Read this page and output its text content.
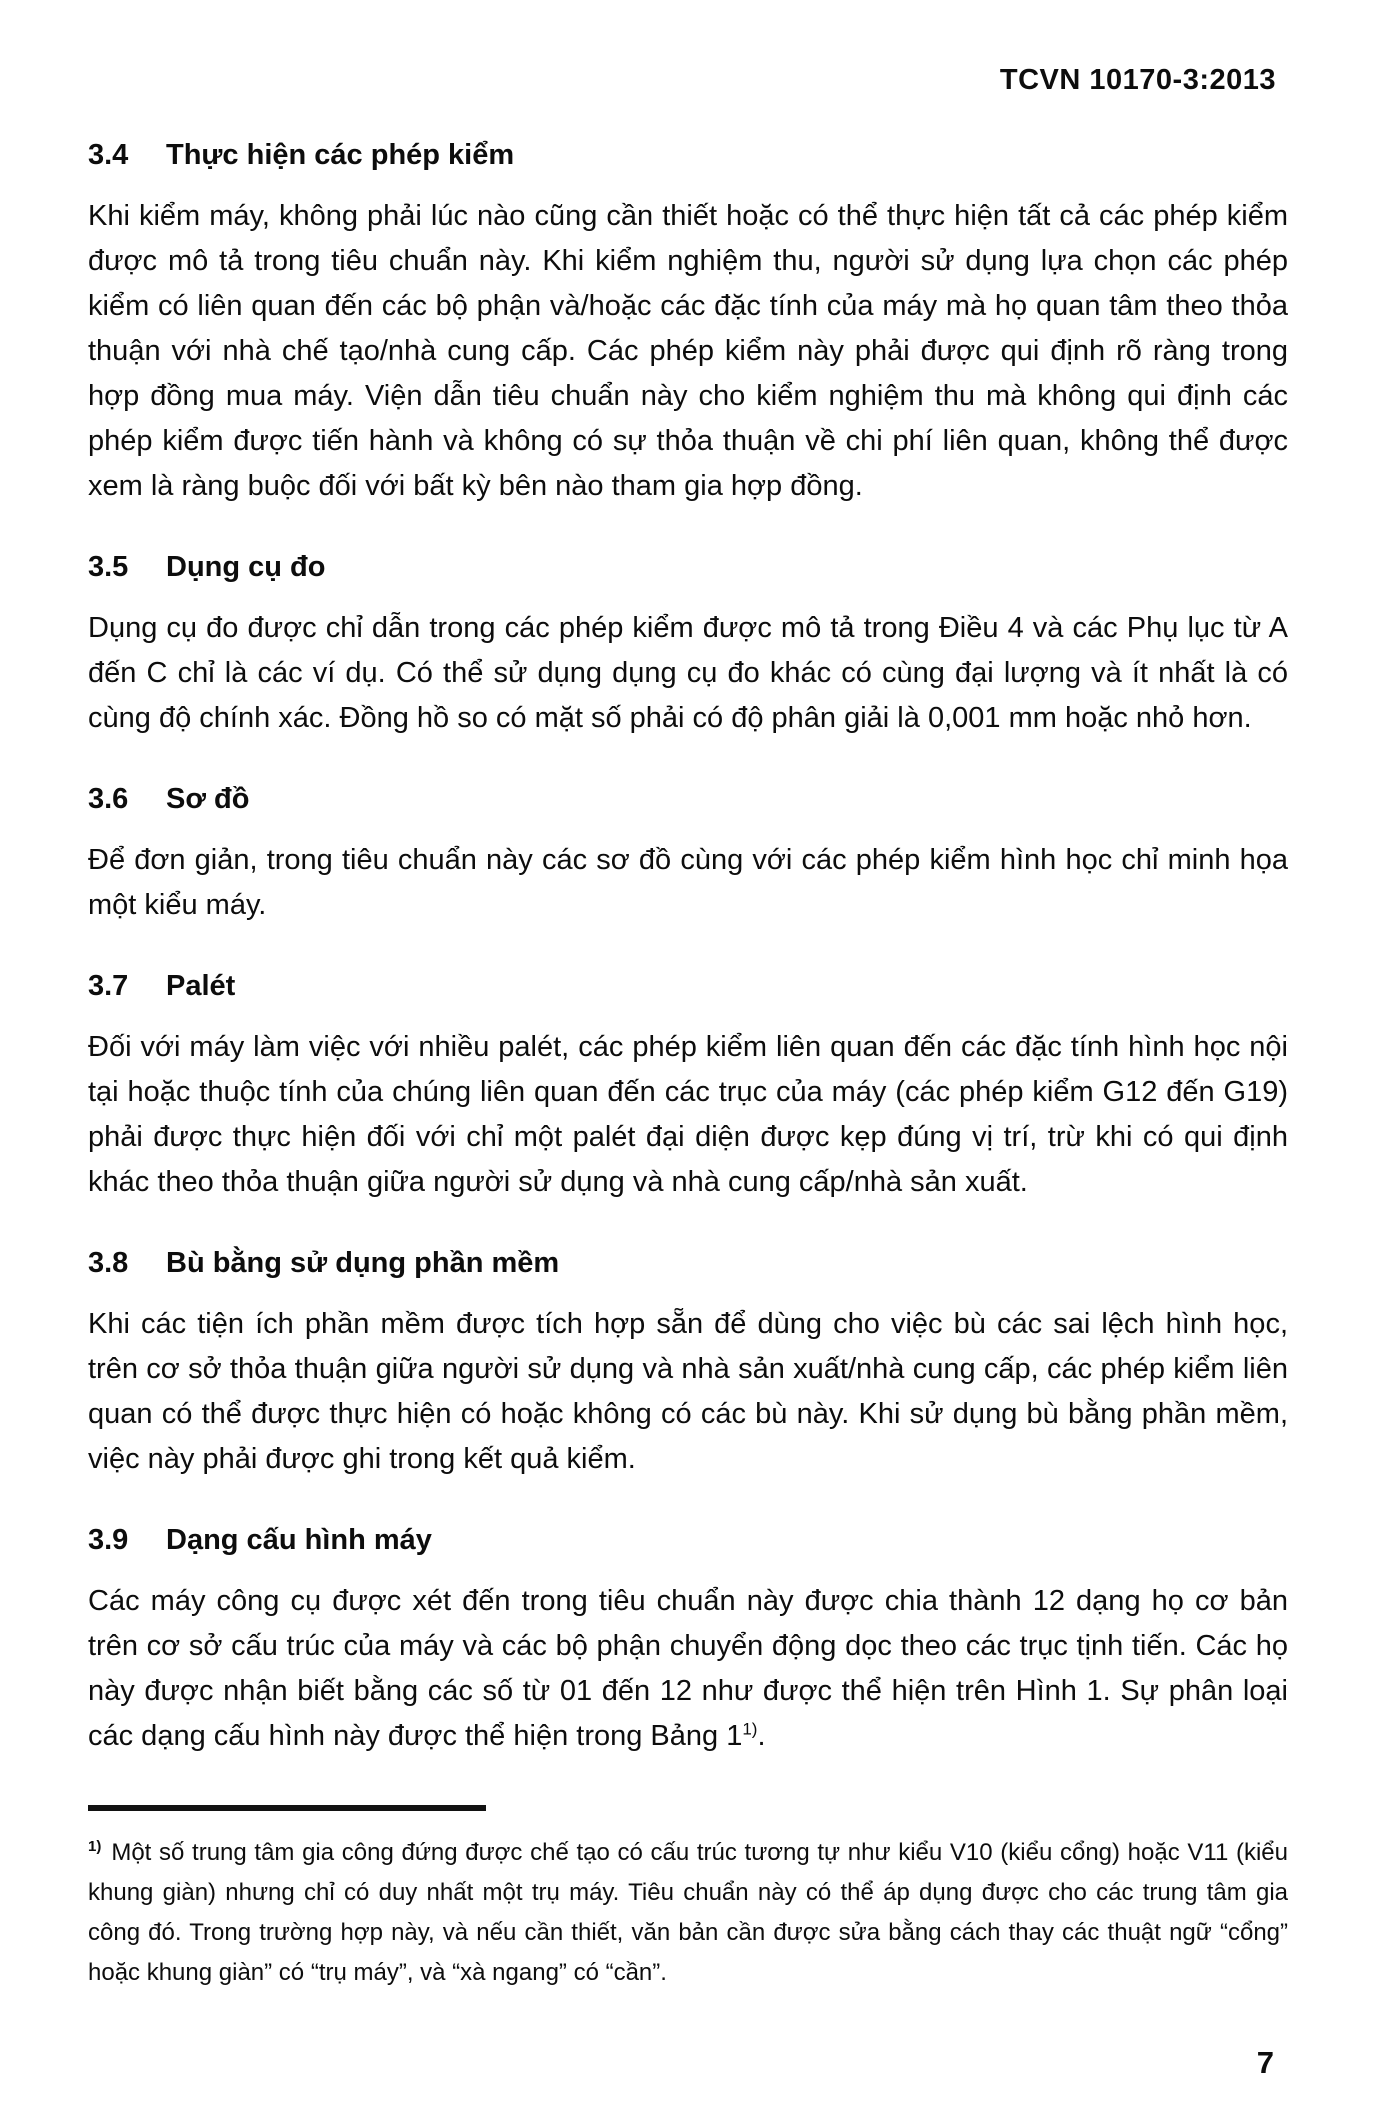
TCVN 10170-3:2013
3.4	Thực hiện các phép kiểm

Khi kiểm máy, không phải lúc nào cũng cần thiết hoặc có thể thực hiện tất cả các phép kiểm được mô tả trong tiêu chuẩn này. Khi kiểm nghiệm thu, người sử dụng lựa chọn các phép kiểm có liên quan đến các bộ phận và/hoặc các đặc tính của máy mà họ quan tâm theo thỏa thuận với nhà chế tạo/nhà cung cấp. Các phép kiểm này phải được qui định rõ ràng trong hợp đồng mua máy. Viện dẫn tiêu chuẩn này cho kiểm nghiệm thu mà không qui định các phép kiểm được tiến hành và không có sự thỏa thuận về chi phí liên quan, không thể được xem là ràng buộc đối với bất kỳ bên nào tham gia hợp đồng.

3.5	Dụng cụ đo

Dụng cụ đo được chỉ dẫn trong các phép kiểm được mô tả trong Điều 4 và các Phụ lục từ A đến C chỉ là các ví dụ. Có thể sử dụng dụng cụ đo khác có cùng đại lượng và ít nhất là có cùng độ chính xác. Đồng hồ so có mặt số phải có độ phân giải là 0,001 mm hoặc nhỏ hơn.

3.6	Sơ đồ

Để đơn giản, trong tiêu chuẩn này các sơ đồ cùng với các phép kiểm hình học chỉ minh họa một kiểu máy.

3.7	Palét

Đối với máy làm việc với nhiều palét, các phép kiểm liên quan đến các đặc tính hình học nội tại hoặc thuộc tính của chúng liên quan đến các trục của máy (các phép kiểm G12 đến G19) phải được thực hiện đối với chỉ một palét đại diện được kẹp đúng vị trí, trừ khi có qui định khác theo thỏa thuận giữa người sử dụng và nhà cung cấp/nhà sản xuất.

3.8	Bù bằng sử dụng phần mềm

Khi các tiện ích phần mềm được tích hợp sẵn để dùng cho việc bù các sai lệch hình học, trên cơ sở thỏa thuận giữa người sử dụng và nhà sản xuất/nhà cung cấp, các phép kiểm liên quan có thể được thực hiện có hoặc không có các bù này. Khi sử dụng bù bằng phần mềm, việc này phải được ghi trong kết quả kiểm.

3.9	Dạng cấu hình máy

Các máy công cụ được xét đến trong tiêu chuẩn này được chia thành 12 dạng họ cơ bản trên cơ sở cấu trúc của máy và các bộ phận chuyển động dọc theo các trục tịnh tiến. Các họ này được nhận biết bằng các số từ 01 đến 12 như được thể hiện trên Hình 1. Sự phân loại các dạng cấu hình này được thể hiện trong Bảng 1$^{1)}$.

$^{1)}$ Một số trung tâm gia công đứng được chế tạo có cấu trúc tương tự như kiểu V10 (kiểu cổng) hoặc V11 (kiểu khung giàn) nhưng chỉ có duy nhất một trụ máy. Tiêu chuẩn này có thể áp dụng được cho các trung tâm gia công đó. Trong trường hợp này, và nếu cần thiết, văn bản cần được sửa bằng cách thay các thuật ngữ “cổng” hoặc khung giàn” có “trụ máy”, và “xà ngang” có “cần”.

7
